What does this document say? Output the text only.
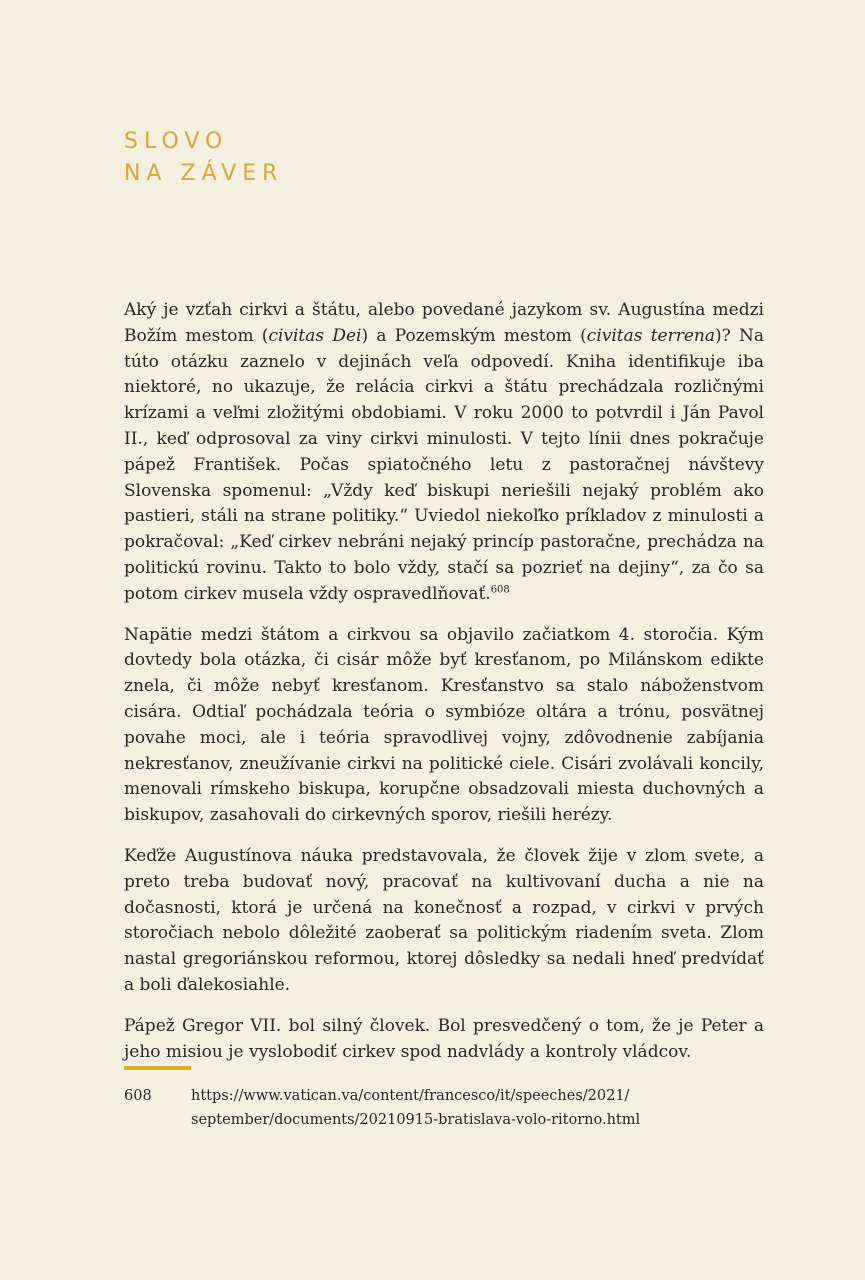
SLOVO
NA ZÁVER

Aký je vzťah cirkvi a štátu, alebo povedané jazykom sv. Augustína medzi Božím mestom (civitas Dei) a Pozemským mestom (civitas terrena)? Na túto otázku zaznelo v dejinách veľa odpovedí. Kniha identifikuje iba niektoré, no ukazuje, že relácia cirkvi a štátu prechádzala rozličnými krízami a veľmi zložitými obdobiami. V roku 2000 to potvrdil i Ján Pavol II., keď odprosoval za viny cirkvi minulosti. V tejto línii dnes pokračuje pápež František. Počas spiatočného letu z pastoračnej návštevy Slovenska spomenul: „Vždy keď biskupi neriešili nejaký problém ako pastieri, stáli na strane politiky.“ Uviedol niekoľko príkladov z minulosti a pokračoval: „Keď cirkev nebráni nejaký princíp pastoračne, prechádza na politickú rovinu. Takto to bolo vždy, stačí sa pozrieť na dejiny“, za čo sa potom cirkev musela vždy ospravedlňovať.$^{608}$

Napätie medzi štátom a cirkvou sa objavilo začiatkom 4. storočia. Kým dovtedy bola otázka, či cisár môže byť kresťanom, po Milánskom edikte znela, či môže nebyť kresťanom. Kresťanstvo sa stalo náboženstvom cisára. Odtiaľ pochádzala teória o symbióze oltára a trónu, posvätnej povahe moci, ale i teória spravodlivej vojny, zdôvodnenie zabíjania nekresťanov, zneužívanie cirkvi na politické ciele. Cisári zvolávali koncily, menovali rímskeho biskupa, korupčne obsadzovali miesta duchovných a biskupov, zasahovali do cirkevných sporov, riešili herézy.

Keďže Augustínova náuka predstavovala, že človek žije v zlom svete, a preto treba budovať nový, pracovať na kultivovaní ducha a nie na dočasnosti, ktorá je určená na konečnosť a rozpad, v cirkvi v prvých storočiach nebolo dôležité zaoberať sa politickým riadením sveta. Zlom nastal gregoriánskou reformou, ktorej dôsledky sa nedali hneď predvídať a boli ďalekosiahle.

Pápež Gregor VII. bol silný človek. Bol presvedčený o tom, že je Peter a jeho misiou je vyslobodiť cirkev spod nadvlády a kontroly vládcov.

608	https://www.vatican.va/content/francesco/it/speeches/2021/
september/documents/20210915-bratislava-volo-ritorno.html
